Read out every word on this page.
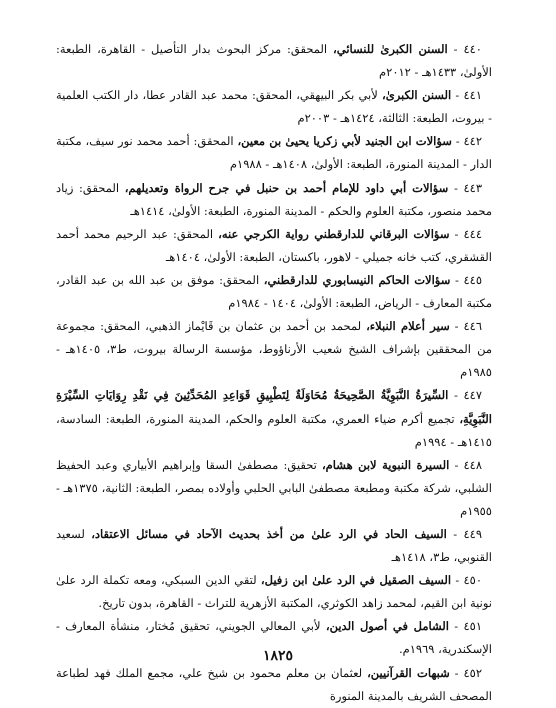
٤٤٠ - السنن الكبرىٰ للنسائي، المحقق: مركز البحوث بدار التأصيل - القاهرة، الطبعة: الأولىٰ، ١٤٣٣هـ - ٢٠١٢م

٤٤١ - السنن الكبرىٰ، لأبي بكر البيهقي، المحقق: محمد عبد القادر عطا، دار الكتب العلمية - بيروت، الطبعة: الثالثة، ١٤٢٤هـ - ٢٠٠٣م

٤٤٢ - سؤالات ابن الجنيد لأبي زكريا يحيىٰ بن معين، المحقق: أحمد محمد نور سيف، مكتبة الدار - المدينة المنورة، الطبعة: الأولىٰ، ١٤٠٨هـ - ١٩٨٨م

٤٤٣ - سؤالات أبي داود للإمام أحمد بن حنبل في جرح الرواة وتعديلهم، المحقق: زياد محمد منصور، مكتبة العلوم والحكم - المدينة المنورة، الطبعة: الأولىٰ، ١٤١٤هـ

٤٤٤ - سؤالات البرقاني للدارقطني رواية الكرجي عنه، المحقق: عبد الرحيم محمد أحمد القشقري، كتب خانه جميلي - لاهور، باكستان، الطبعة: الأولىٰ، ١٤٠٤هـ

٤٤٥ - سؤالات الحاكم النيسابوري للدارقطني، المحقق: موفق بن عبد الله بن عبد القادر، مكتبة المعارف - الرياض، الطبعة: الأولىٰ، ١٤٠٤ - ١٩٨٤م

٤٤٦ - سير أعلام النبلاء، لمحمد بن أحمد بن عثمان بن قَايْماز الذهبي، المحقق: مجموعة من المحققين بإشراف الشيخ شعيب الأرناؤوط، مؤسسة الرسالة بيروت، ط٣، ١٤٠٥هـ - ١٩٨٥م

٤٤٧ - السِّيرَةُ النَّبَوِيَّةُ الصَّحِيحَةُ مُحَاوَلَةٌ لِتَطْبِيقِ قَوَاعِدِ المُحَدِّثِينَ فِي نَقْدِ رِوَايَاتِ السِّيْرَةِ النَّبَوِيَّةِ، تجميع أكرم ضياء العمري، مكتبة العلوم والحكم، المدينة المنورة، الطبعة: السادسة، ١٤١٥هـ - ١٩٩٤م

٤٤٨ - السيرة النبوية لابن هشام، تحقيق: مصطفىٰ السقا وإبراهيم الأبياري وعبد الحفيظ الشلبي، شركة مكتبة ومطبعة مصطفىٰ البابي الحلبي وأولاده بمصر، الطبعة: الثانية، ١٣٧٥هـ - ١٩٥٥م

٤٤٩ - السيف الحاد في الرد علىٰ من أخذ بحديث الآحاد في مسائل الاعتقاد، لسعيد القنوبي، ط٣، ١٤١٨هـ

٤٥٠ - السيف الصقيل في الرد علىٰ ابن زفيل، لتقي الدين السبكي، ومعه تكملة الرد علىٰ نونية ابن القيم، لمحمد زاهد الكوثري، المكتبة الأزهرية للتراث - القاهرة، بدون تاريخ.

٤٥١ - الشامل في أصول الدين، لأبي المعالي الجويني، تحقيق مُختار، منشأة المعارف - الإسكندرية، ١٩٦٩م.

٤٥٢ - شبهات القرآنيين، لعثمان بن معلم محمود بن شيخ علي، مجمع الملك فهد لطباعة المصحف الشريف بالمدينة المنورة

١٨٢٥
